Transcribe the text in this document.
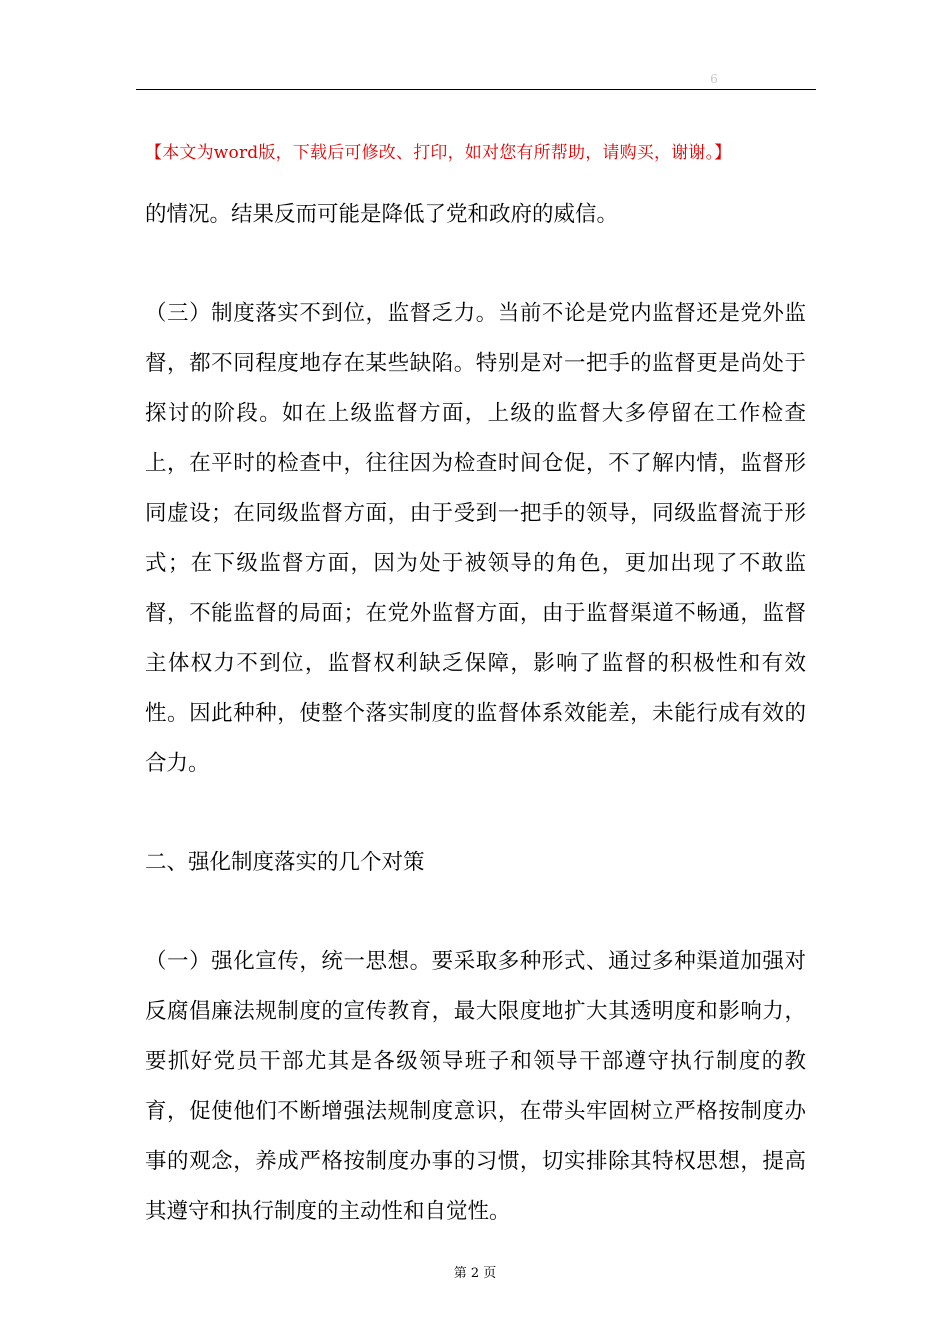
6
【本文为word版，下载后可修改、打印，如对您有所帮助，请购买，谢谢。】

的情况。结果反而可能是降低了党和政府的威信。

（三）制度落实不到位，监督乏力。当前不论是党内监督还是党外监督，都不同程度地存在某些缺陷。特别是对一把手的监督更是尚处于探讨的阶段。如在上级监督方面，上级的监督大多停留在工作检查上，在平时的检查中，往往因为检查时间仓促，不了解内情，监督形同虚设；在同级监督方面，由于受到一把手的领导，同级监督流于形式；在下级监督方面，因为处于被领导的角色，更加出现了不敢监督，不能监督的局面；在党外监督方面，由于监督渠道不畅通，监督主体权力不到位，监督权利缺乏保障，影响了监督的积极性和有效性。因此种种，使整个落实制度的监督体系效能差，未能行成有效的合力。

二、强化制度落实的几个对策

（一）强化宣传，统一思想。要采取多种形式、通过多种渠道加强对反腐倡廉法规制度的宣传教育，最大限度地扩大其透明度和影响力，要抓好党员干部尤其是各级领导班子和领导干部遵守执行制度的教育，促使他们不断增强法规制度意识，在带头牢固树立严格按制度办事的观念，养成严格按制度办事的习惯，切实排除其特权思想，提高其遵守和执行制度的主动性和自觉性。

第 2 页
